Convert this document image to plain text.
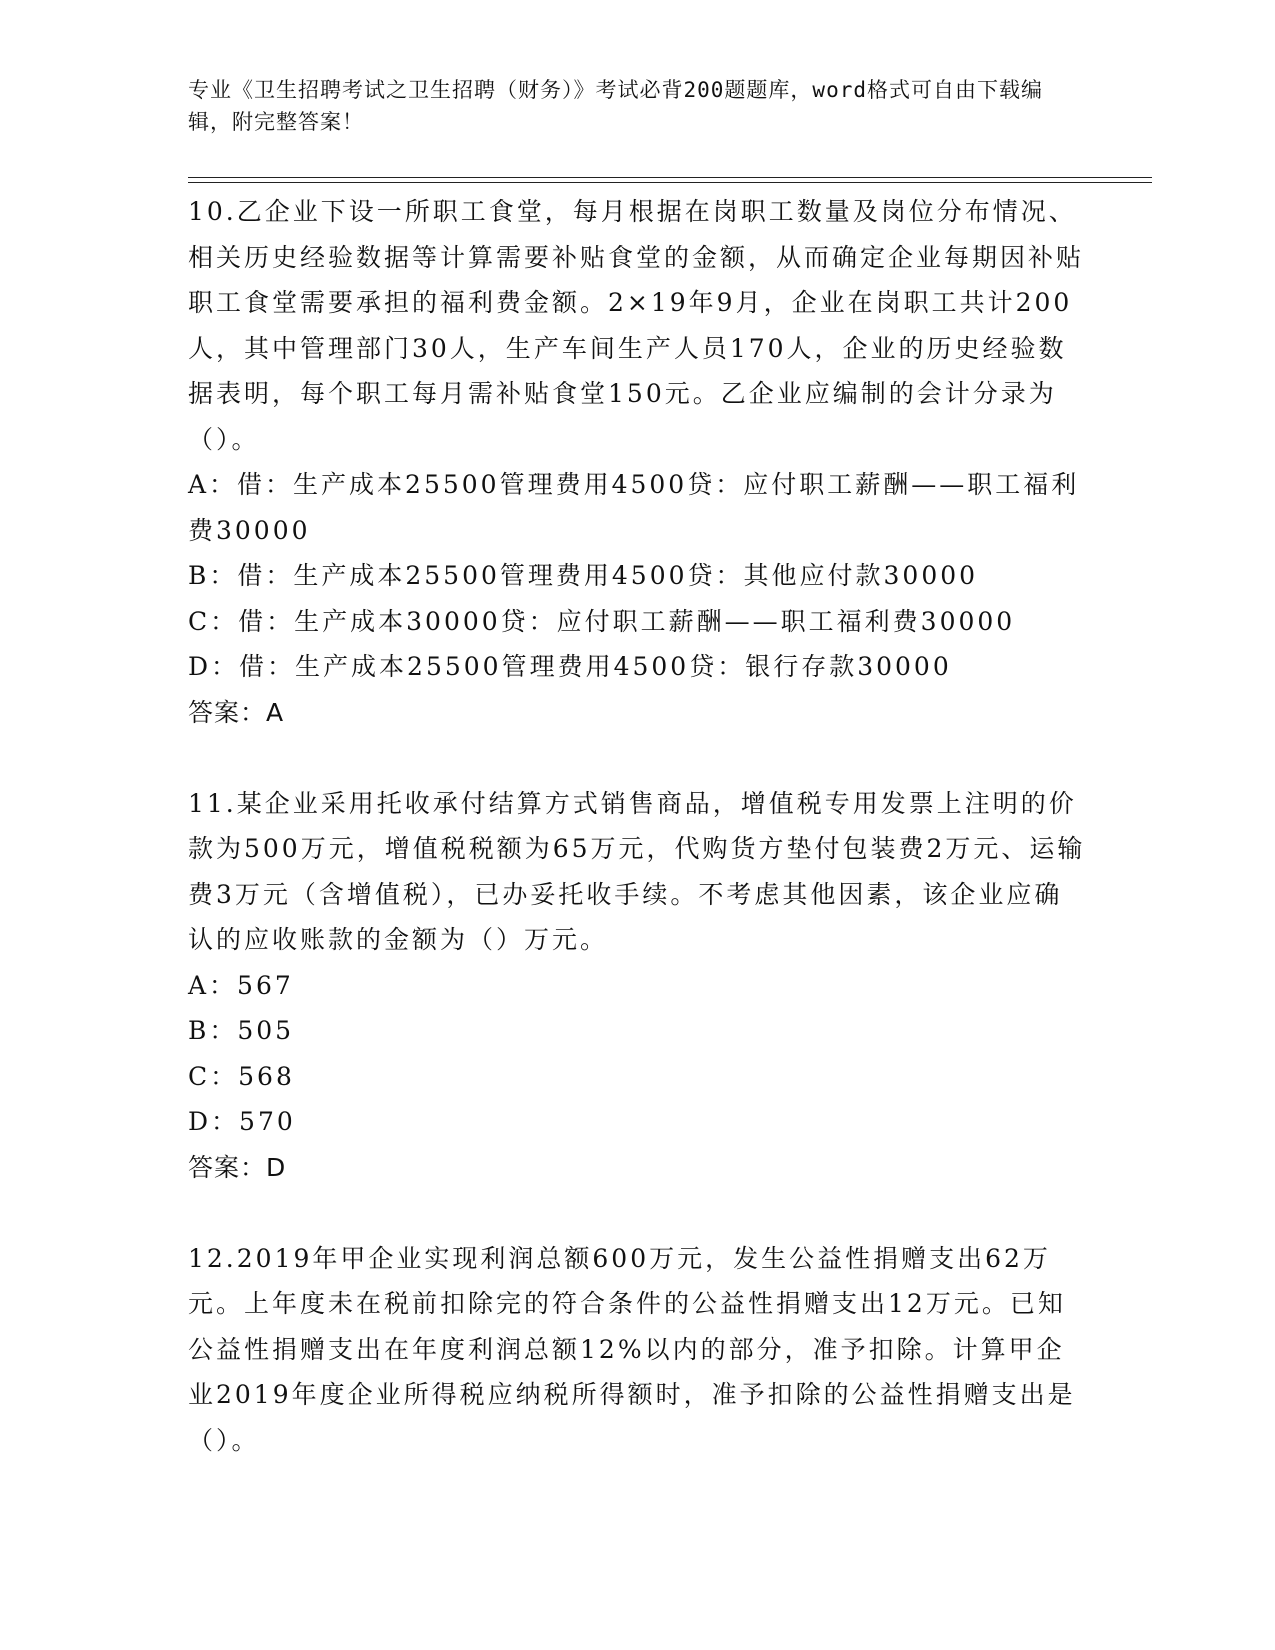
专业《卫生招聘考试之卫生招聘（财务）》考试必背200题题库，word格式可自由下载编辑，附完整答案！

10.乙企业下设一所职工食堂，每月根据在岗职工数量及岗位分布情况、相关历史经验数据等计算需要补贴食堂的金额，从而确定企业每期因补贴职工食堂需要承担的福利费金额。2×19年9月，企业在岗职工共计200人，其中管理部门30人，生产车间生产人员170人，企业的历史经验数据表明，每个职工每月需补贴食堂150元。乙企业应编制的会计分录为（）。

A：借：生产成本25500管理费用4500贷：应付职工薪酬——职工福利费30000

B：借：生产成本25500管理费用4500贷：其他应付款30000

C：借：生产成本30000贷：应付职工薪酬——职工福利费30000

D：借：生产成本25500管理费用4500贷：银行存款30000

答案：A

11.某企业采用托收承付结算方式销售商品，增值税专用发票上注明的价款为500万元，增值税税额为65万元，代购货方垫付包装费2万元、运输费3万元（含增值税），已办妥托收手续。不考虑其他因素，该企业应确认的应收账款的金额为（）万元。

A：567

B：505

C：568

D：570

答案：D

12.2019年甲企业实现利润总额600万元，发生公益性捐赠支出62万元。上年度未在税前扣除完的符合条件的公益性捐赠支出12万元。已知公益性捐赠支出在年度利润总额12%以内的部分，准予扣除。计算甲企业2019年度企业所得税应纳税所得额时，准予扣除的公益性捐赠支出是（）。
